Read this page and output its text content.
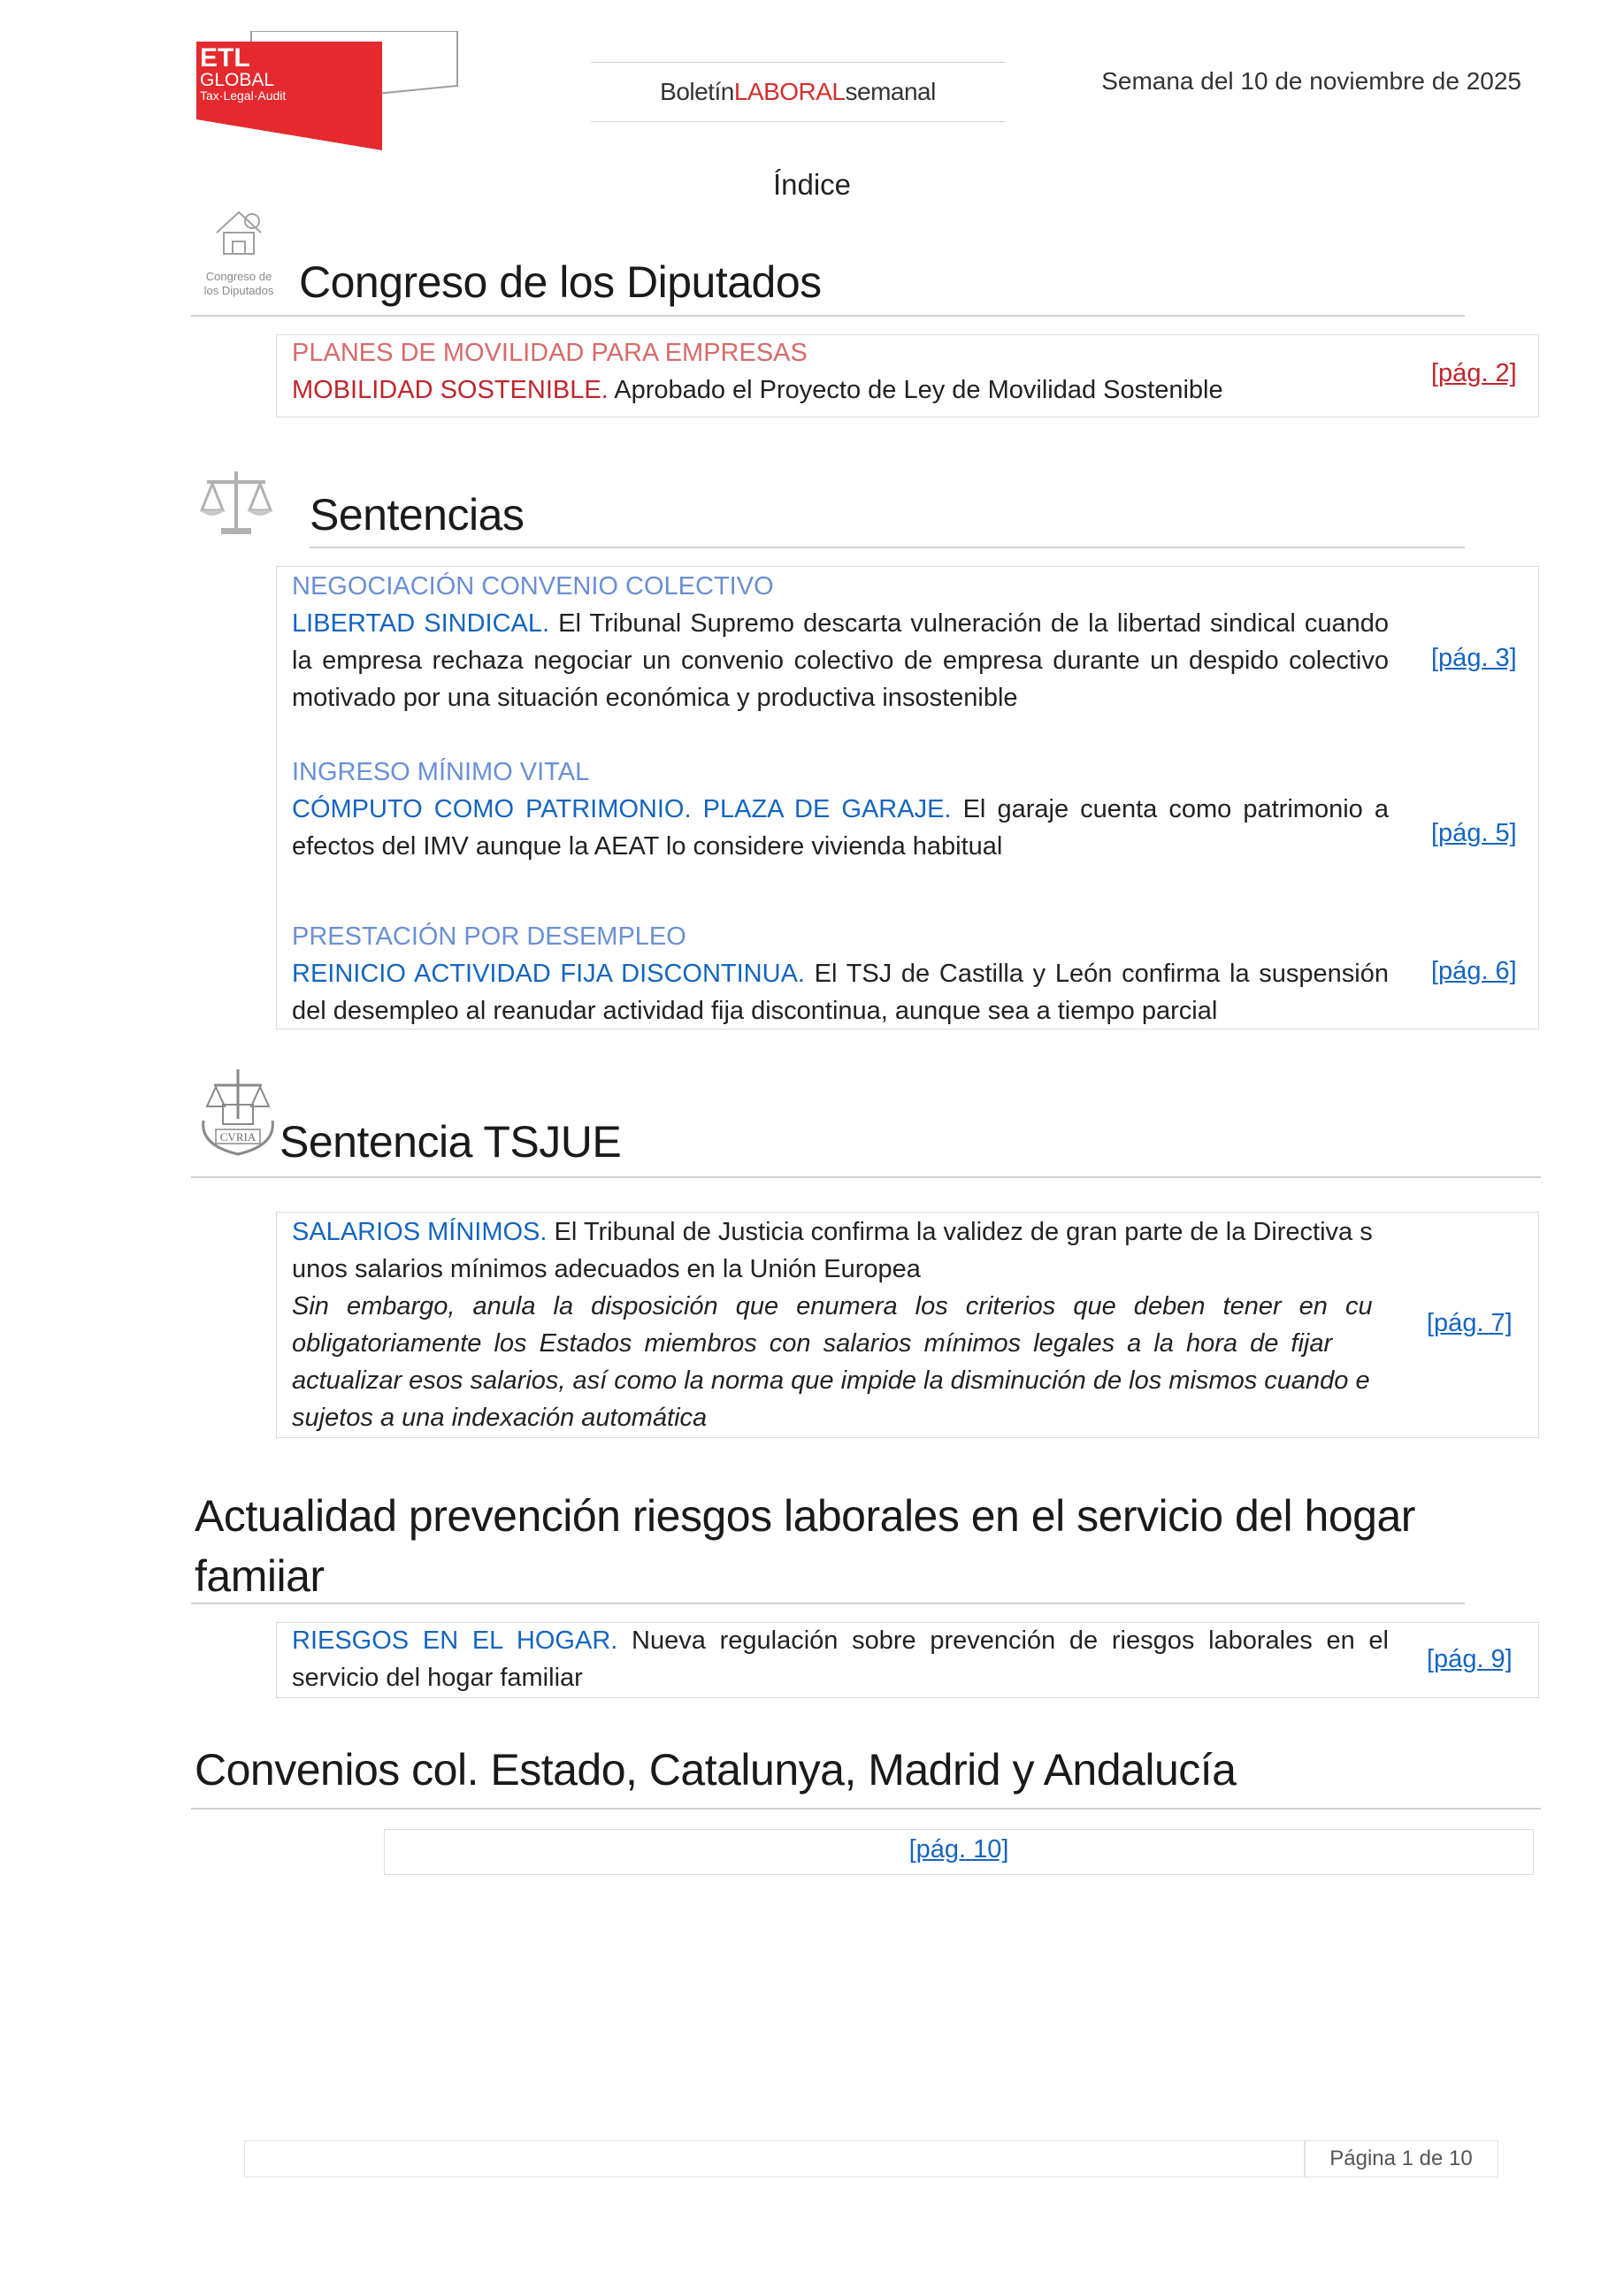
ETL
GLOBAL
Tax·Legal·Audit	Boletín LABORAL semanal	Semana del 10 de noviembre de 2025
Índice
Congreso de
los Diputados Congreso de los Diputados
PLANES DE MOVILIDAD PARA EMPRESAS
MOBILIDAD SOSTENIBLE. Aprobado el Proyecto de Ley de Movilidad Sostenible
[pág. 2]
Sentencias
NEGOCIACIÓN CONVENIO COLECTIVO
LIBERTAD SINDICAL. El Tribunal Supremo descarta vulneración de la libertad sindical cuando la empresa rechaza negociar un convenio colectivo de empresa durante un despido colectivo motivado por una situación económica y productiva insostenible
[pág. 3]
INGRESO MÍNIMO VITAL
CÓMPUTO COMO PATRIMONIO. PLAZA DE GARAJE. El garaje cuenta como patrimonio a efectos del IMV aunque la AEAT lo considere vivienda habitual	[pág. 5]
PRESTACIÓN POR DESEMPLEO
REINICIO ACTIVIDAD FIJA DISCONTINUA. El TSJ de Castilla y León confirma la suspensión del desempleo al reanudar actividad fija discontinua, aunque sea a tiempo parcial
[pág. 6]
CVRIA Sentencia TSJUE
SALARIOS MÍNIMOS. El Tribunal de Justicia confirma la validez de gran parte de la Directiva s
unos salarios mínimos adecuados en la Unión Europea
Sin embargo, anula la disposición que enumera los criterios que deben tener en cu
obligatoriamente los Estados miembros con salarios mínimos legales a la hora de fijar
actualizar esos salarios, así como la norma que impide la disminución de los mismos cuando e
sujetos a una indexación automática
[pág. 7]
Actualidad prevención riesgos laborales en el servicio del hogar
famiiar
RIESGOS EN EL HOGAR. Nueva regulación sobre prevención de riesgos laborales en el servicio del hogar familiar
[pág. 9]
Convenios col. Estado, Catalunya, Madrid y Andalucía
[pág. 10]
Página 1 de 10
